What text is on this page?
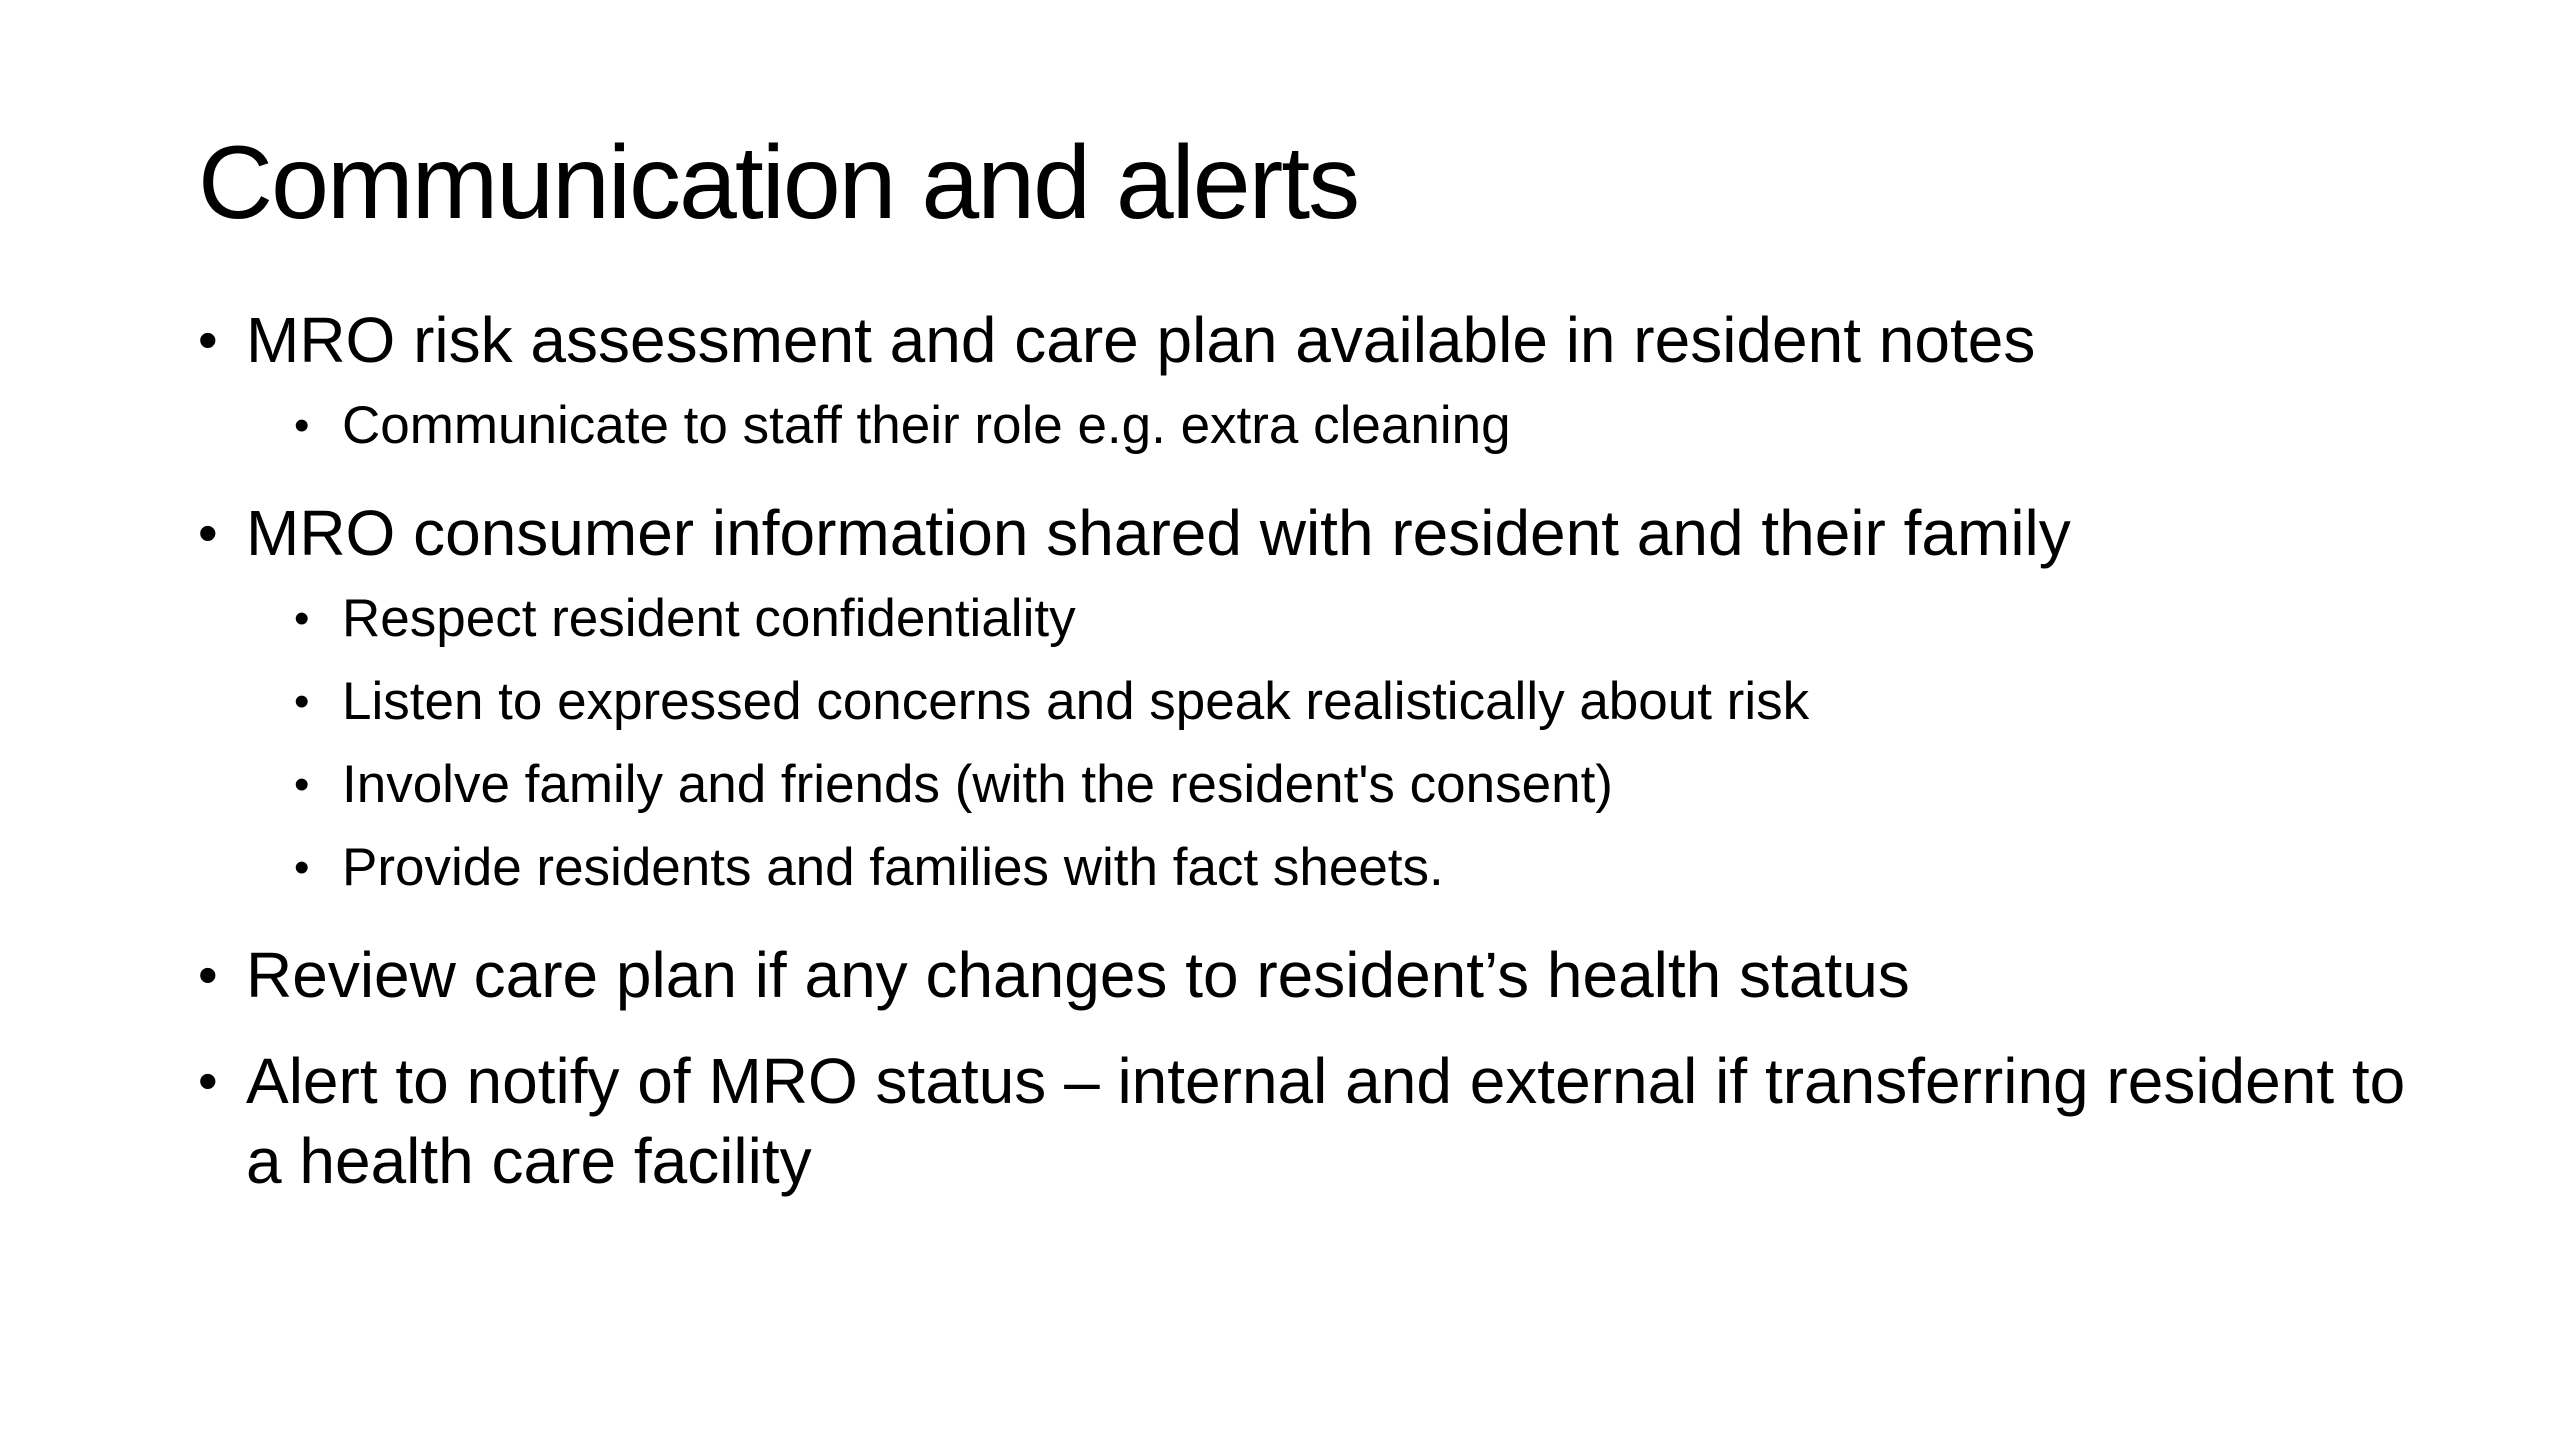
Communication and alerts
• MRO risk assessment and care plan available in resident notes
• Communicate to staff their role e.g. extra cleaning
• MRO consumer information shared with resident and their family
• Respect resident confidentiality
• Listen to expressed concerns and speak realistically about risk
• Involve family and friends (with the resident's consent)
• Provide residents and families with fact sheets.
• Review care plan if any changes to resident’s health status
• Alert to notify of MRO status – internal and external if transferring resident to a health care facility
